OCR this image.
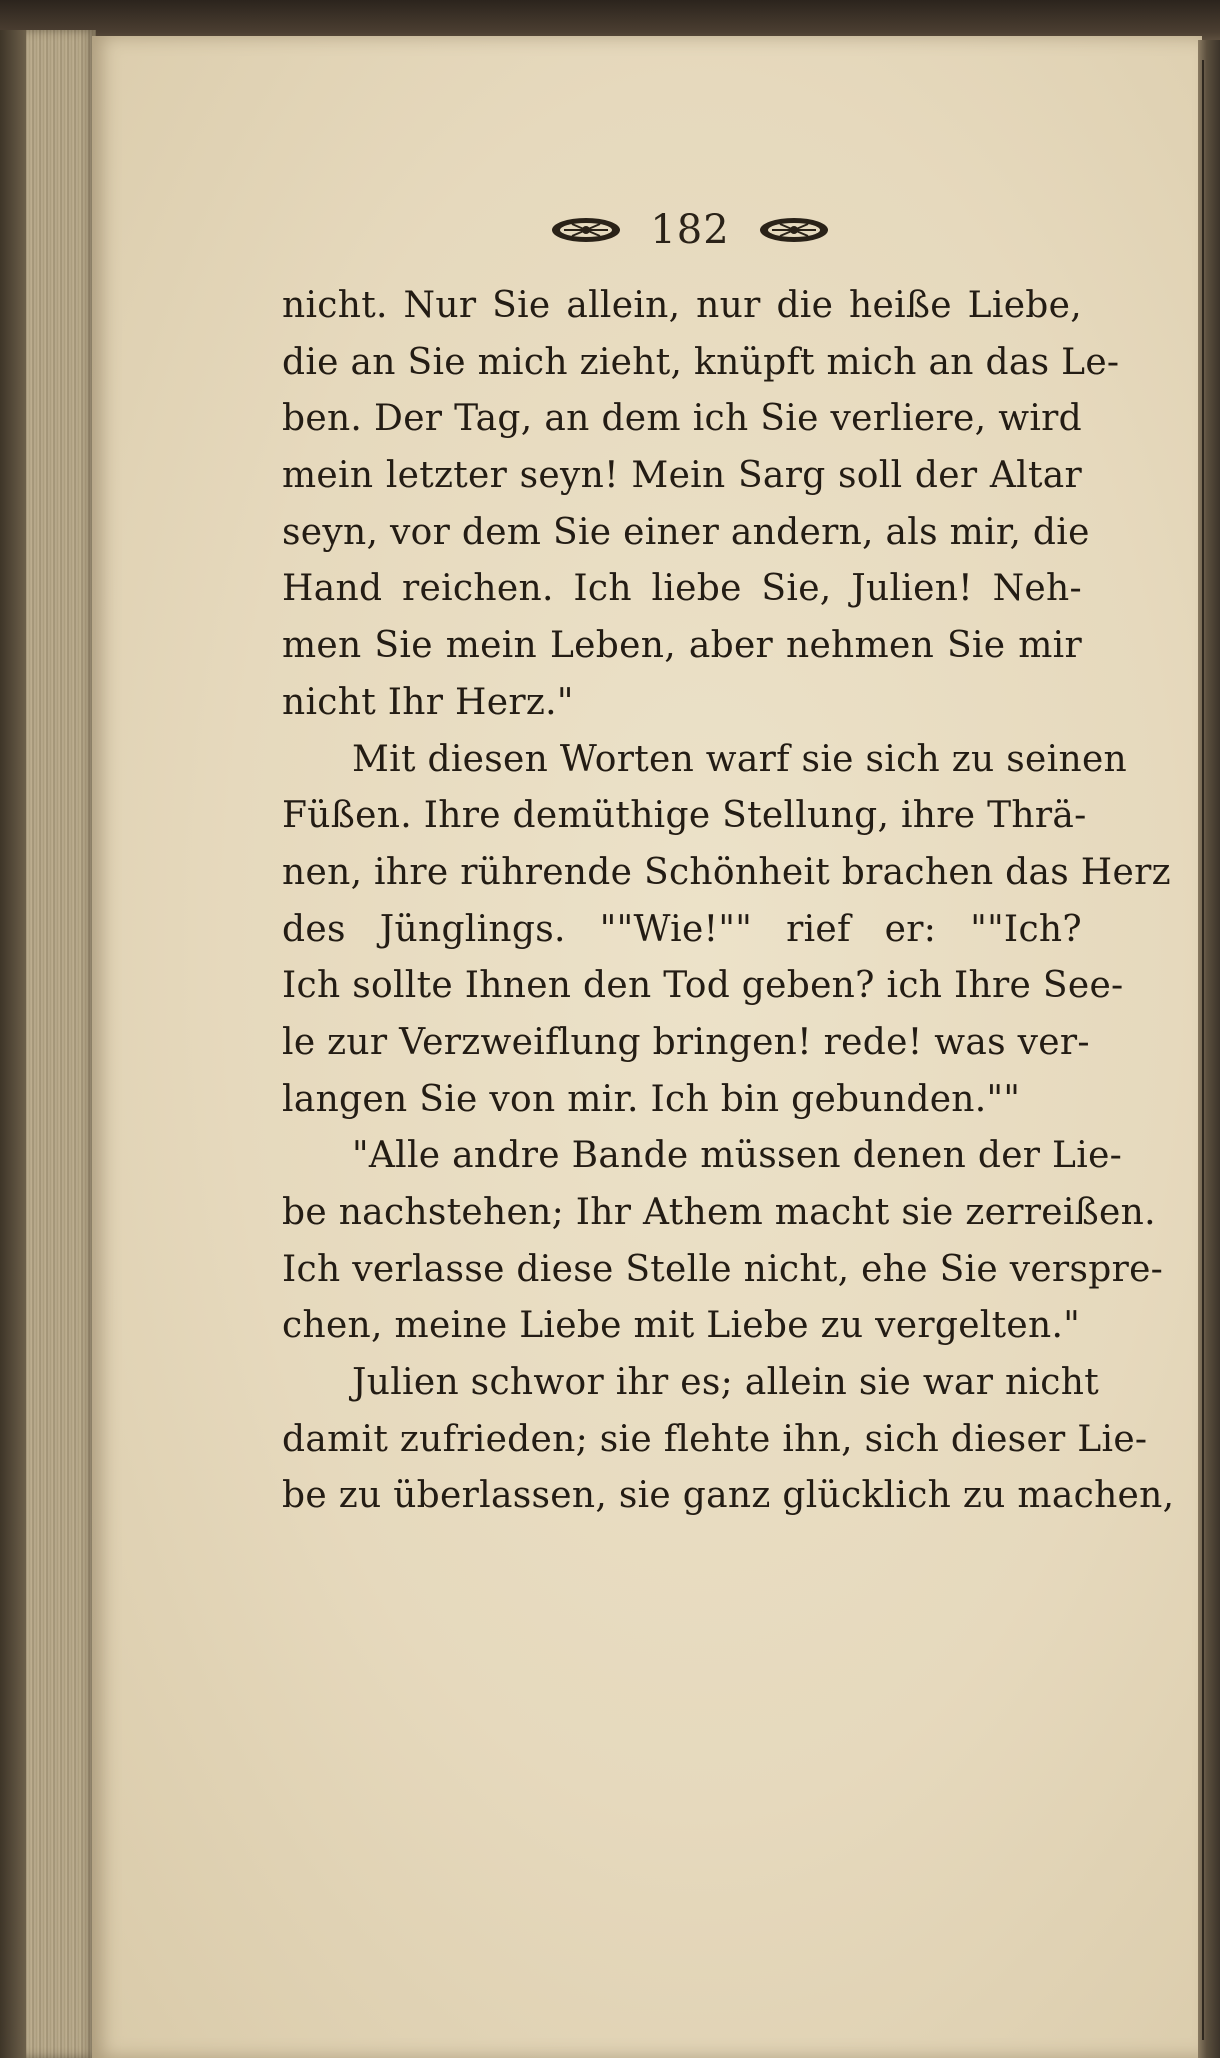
182
nicht. Nur Sie allein, nur die heiße Liebe,
die an Sie mich zieht, knüpft mich an das Le-
ben. Der Tag, an dem ich Sie verliere, wird
mein letzter seyn! Mein Sarg soll der Altar
seyn, vor dem Sie einer andern, als mir, die
Hand reichen. Ich liebe Sie, Julien! Neh-
men Sie mein Leben, aber nehmen Sie mir
nicht Ihr Herz."
Mit diesen Worten warf sie sich zu seinen
Füßen. Ihre demüthige Stellung, ihre Thrä-
nen, ihre rührende Schönheit brachen das Herz
des Jünglings. ""Wie!"" rief er: ""Ich?
Ich sollte Ihnen den Tod geben? ich Ihre See-
le zur Verzweiflung bringen! rede! was ver-
langen Sie von mir. Ich bin gebunden.""
"Alle andre Bande müssen denen der Lie-
be nachstehen; Ihr Athem macht sie zerreißen.
Ich verlasse diese Stelle nicht, ehe Sie verspre-
chen, meine Liebe mit Liebe zu vergelten."
Julien schwor ihr es; allein sie war nicht
damit zufrieden; sie flehte ihn, sich dieser Lie-
be zu überlassen, sie ganz glücklich zu machen,
